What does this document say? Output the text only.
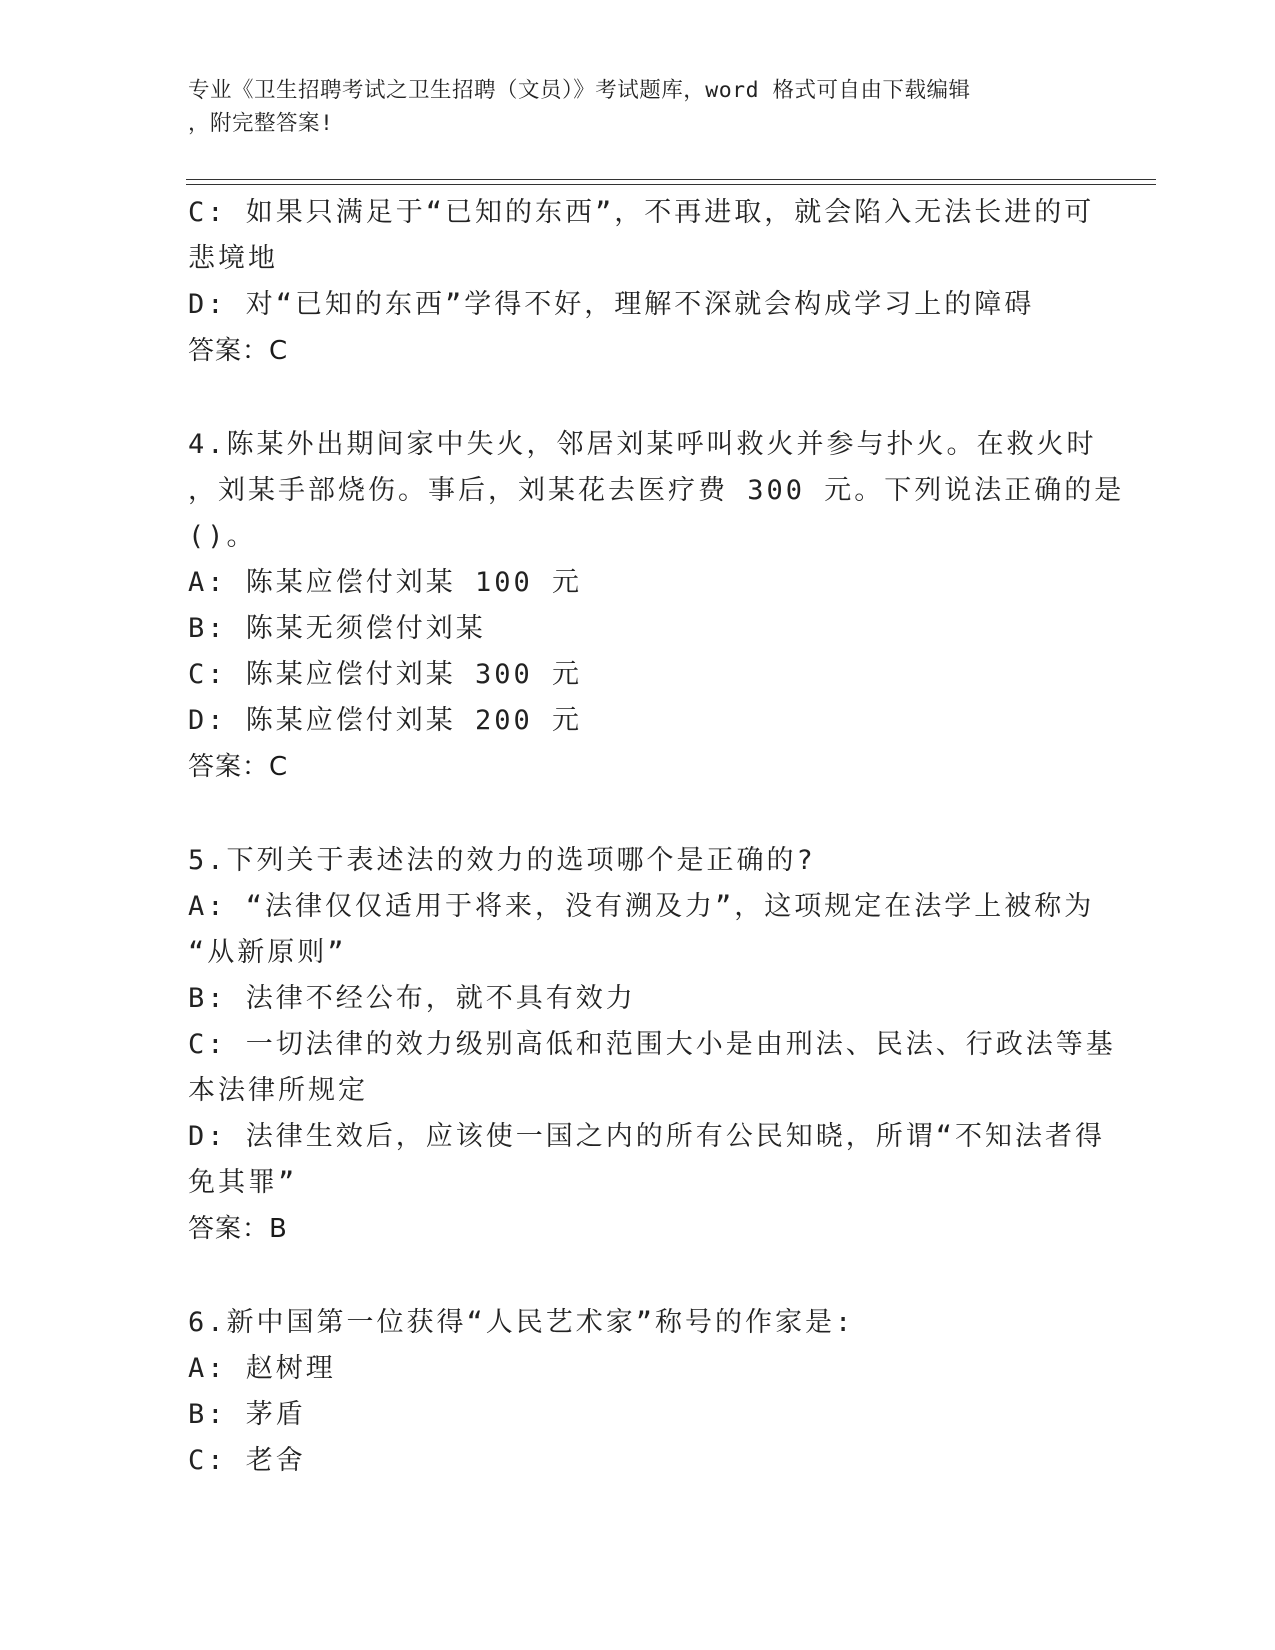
专业《卫生招聘考试之卫生招聘（文员）》考试题库，word 格式可自由下载编辑
，附完整答案!
C: 如果只满足于“已知的东西”，不再进取，就会陷入无法长进的可
悲境地
D: 对“已知的东西”学得不好，理解不深就会构成学习上的障碍
答案：C
4.陈某外出期间家中失火，邻居刘某呼叫救火并参与扑火。在救火时
，刘某手部烧伤。事后，刘某花去医疗费 300 元。下列说法正确的是
()。
A: 陈某应偿付刘某 100 元
B: 陈某无须偿付刘某
C: 陈某应偿付刘某 300 元
D: 陈某应偿付刘某 200 元
答案：C
5.下列关于表述法的效力的选项哪个是正确的?
A: “法律仅仅适用于将来，没有溯及力”，这项规定在法学上被称为
“从新原则”
B: 法律不经公布，就不具有效力
C: 一切法律的效力级别高低和范围大小是由刑法、民法、行政法等基
本法律所规定
D: 法律生效后，应该使一国之内的所有公民知晓，所谓“不知法者得
免其罪”
答案：B
6.新中国第一位获得“人民艺术家”称号的作家是:
A: 赵树理
B: 茅盾
C: 老舍
